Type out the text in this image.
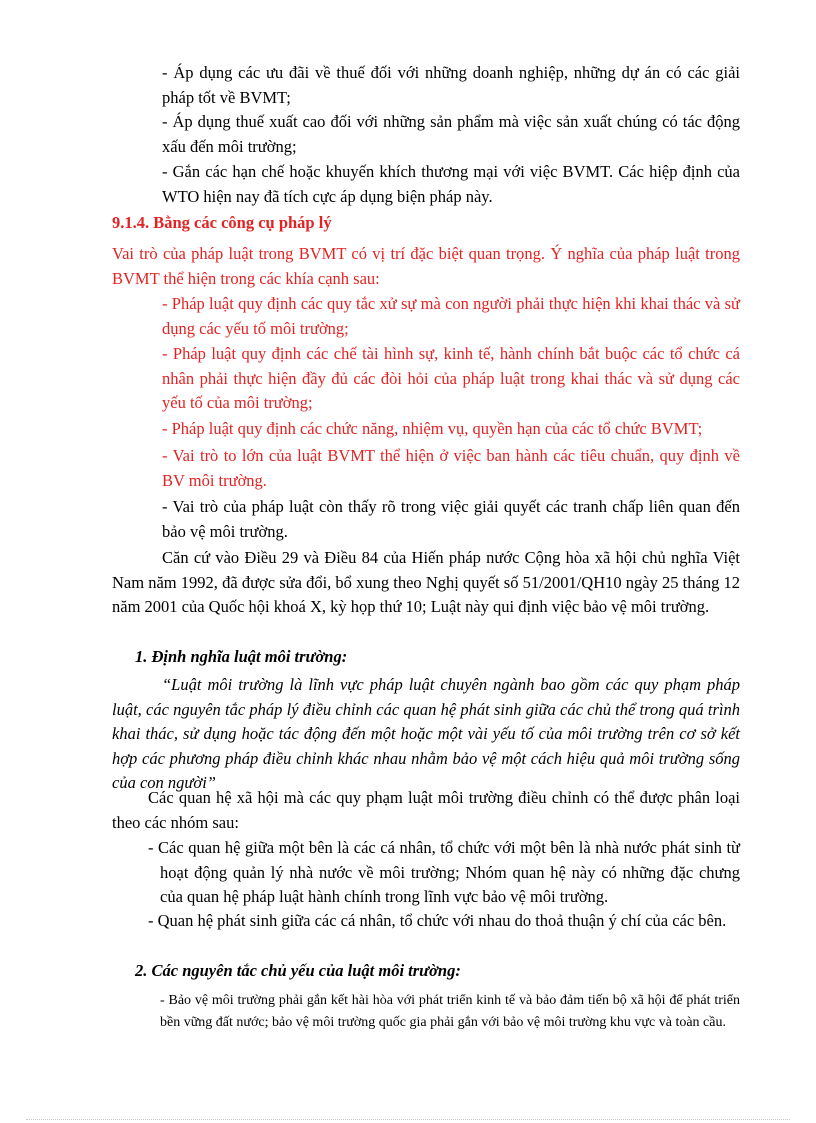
- Áp dụng các ưu đãi về thuế đối với những doanh nghiệp, những dự án có các giải pháp tốt về BVMT;

- Áp dụng thuế xuất cao đối với những sản phẩm mà việc sản xuất chúng có tác động xấu đến môi trường;

- Gắn các hạn chế hoặc khuyến khích thương mại với việc BVMT. Các hiệp định của WTO hiện nay đã tích cực áp dụng biện pháp này.

9.1.4. Bằng các công cụ pháp lý

Vai trò của pháp luật trong BVMT có vị trí đặc biệt quan trọng. Ý nghĩa của pháp luật trong BVMT thể hiện trong các khía cạnh sau:

- Pháp luật quy định các quy tắc xử sự mà con người phải thực hiện khi khai thác và sử dụng các yếu tố môi trường;

- Pháp luật quy định các chế tài hình sự, kinh tế, hành chính bắt buộc các tổ chức cá nhân phải thực hiện đầy đủ các đòi hỏi của pháp luật trong khai thác và sử dụng các yếu tố của môi trường;

- Pháp luật quy định các chức năng, nhiệm vụ, quyền hạn của các tổ chức BVMT;

- Vai trò to lớn của luật BVMT thể hiện ở việc ban hành các tiêu chuẩn, quy định về BV môi trường.

- Vai trò của pháp luật còn thấy rõ trong việc giải quyết các tranh chấp liên quan đến bảo vệ môi trường.

Căn cứ vào Điều 29 và Điều 84 của Hiến pháp nước Cộng hòa xã hội chủ nghĩa Việt Nam năm 1992, đã được sửa đổi, bổ xung theo Nghị quyết số 51/2001/QH10 ngày 25 tháng 12 năm 2001 của Quốc hội khoá X, kỳ họp thứ 10; Luật này qui định việc bảo vệ môi trường.

1. Định nghĩa luật môi trường:

“Luật môi trường là lĩnh vực pháp luật chuyên ngành bao gồm các quy phạm pháp luật, các nguyên tắc pháp lý điều chỉnh các quan hệ phát sinh giữa các chủ thể trong quá trình khai thác, sử dụng hoặc tác động đến một hoặc một vài yếu tố của môi trường trên cơ sở kết hợp các phương pháp điều chỉnh khác nhau nhằm bảo vệ một cách hiệu quả môi trường sống của con người”

Các quan hệ xã hội mà các quy phạm luật môi trường điều chỉnh có thể được phân loại theo các nhóm sau:

- Các quan hệ giữa một bên là các cá nhân, tổ chức với một bên là nhà nước phát sinh từ hoạt động quản lý nhà nước về môi trường; Nhóm quan hệ này có những đặc chưng của quan hệ pháp luật hành chính trong lĩnh vực bảo vệ môi trường.

- Quan hệ phát sinh giữa các cá nhân, tổ chức với nhau do thoả thuận ý chí của các bên.

2. Các nguyên tắc chủ yếu của luật môi trường:

- Bảo vệ môi trường phải gắn kết hài hòa với phát triển kinh tế và bảo đảm tiến bộ xã hội để phát triển bền vững đất nước; bảo vệ môi trường quốc gia phải gắn với bảo vệ môi trường khu vực và toàn cầu.
